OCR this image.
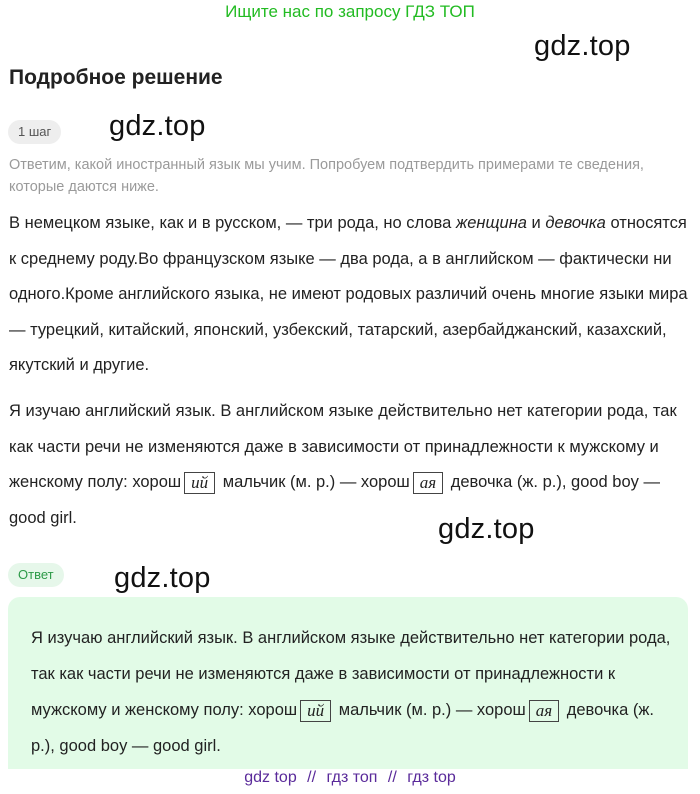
Ищите нас по запросу ГДЗ ТОП
gdz.top
gdz.top
gdz.top
gdz.top
Подробное решение
1 шаг
Ответим, какой иностранный язык мы учим. Попробуем подтвердить примерами те сведения, которые даются ниже.
В немецком языке, как и в русском, — три рода, но слова женщина и девочка относятся к среднему роду.Во французском языке — два рода, а в английском — фактически ни одного.Кроме английского языка, не имеют родовых различий очень многие языки мира — турецкий, китайский, японский, узбекский, татарский, азербайджанский, казахский, якутский и другие.
Я изучаю английский язык. В английском языке действительно нет категории рода, так как части речи не изменяются даже в зависимости от принадлежности к мужскому и женскому полу: хорош ий мальчик (м. р.) — хорош ая девочка (ж. р.), good boy — good girl.
Ответ
Я изучаю английский язык. В английском языке действительно нет категории рода, так как части речи не изменяются даже в зависимости от принадлежности к мужскому и женскому полу: хорош ий мальчик (м. р.) — хорош ая девочка (ж. р.), good boy — good girl.
gdz top // гдз топ // гдз top
